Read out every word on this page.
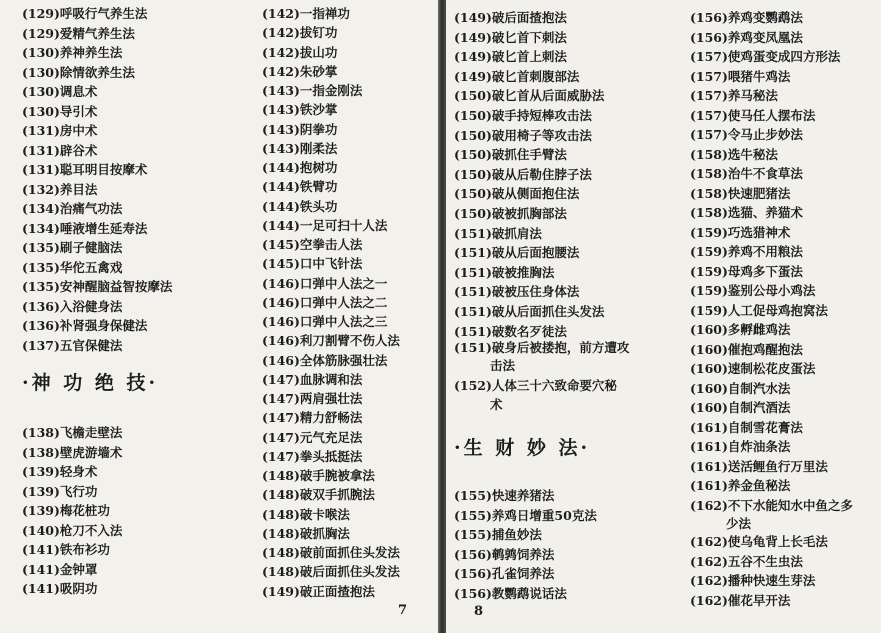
(129)呼吸行气养生法
(129)爱精气养生法
(130)养神养生法
(130)除情欲养生法
(130)调息术
(130)导引术
(131)房中术
(131)辟谷术
(131)聪耳明目按摩术
(132)养目法
(134)治痛气功法
(134)唾液增生延寿法
(135)刷子健脑法
(135)华佗五禽戏
(135)安神醒脑益智按摩法
(136)入浴健身法
(136)补肾强身保健法
(137)五官保健法
·神 功 绝 技·
(138)飞檐走壁法
(138)壁虎游墙术
(139)轻身术
(139)飞行功
(139)梅花桩功
(140)枪刀不入法
(141)铁布衫功
(141)金钟罩
(141)吸阴功
(142)一指禅功
(142)拔钉功
(142)拔山功
(142)朱砂掌
(143)一指金刚法
(143)铁沙掌
(143)阴拳功
(143)刚柔法
(144)抱树功
(144)铁臂功
(144)铁头功
(144)一足可扫十人法
(145)空拳击人法
(145)口中飞针法
(146)口弹中人法之一
(146)口弹中人法之二
(146)口弹中人法之三
(146)利刀割臂不伤人法
(146)全体筋脉强壮法
(147)血脉调和法
(147)两肩强壮法
(147)精力舒畅法
(147)元气充足法
(147)拳头抵挺法
(148)破手腕被拿法
(148)破双手抓腕法
(148)破卡喉法
(148)破抓胸法
(148)破前面抓住头发法
(148)破后面抓住头发法
(149)破正面揸抱法
7
(149)破后面揸抱法
(149)破匕首下刺法
(149)破匕首上刺法
(149)破匕首刺腹部法
(150)破匕首从后面威胁法
(150)破手持短棒攻击法
(150)破用椅子等攻击法
(150)破抓住手臂法
(150)破从后勒住脖子法
(150)破从侧面抱住法
(150)破被抓胸部法
(151)破抓肩法
(151)破从后面抱腰法
(151)破被推胸法
(151)破被压住身体法
(151)破从后面抓住头发法
(151)破数名歹徒法
(151)破身后被搂抱，前方遭攻
击法
(152)人体三十六致命要穴秘
术
·生 财 妙 法·
(155)快速养猪法
(155)养鸡日增重50克法
(155)捕鱼妙法
(156)鹌鹑饲养法
(156)孔雀饲养法
(156)教鹦鹉说话法
(156)养鸡变鹦鹉法
(156)养鸡变凤凰法
(157)使鸡蛋变成四方形法
(157)喂猪牛鸡法
(157)养马秘法
(157)使马任人摆布法
(157)令马止步妙法
(158)选牛秘法
(158)治牛不食草法
(158)快速肥猪法
(158)选猫、养猫术
(159)巧选猎神术
(159)养鸡不用粮法
(159)母鸡多下蛋法
(159)鉴别公母小鸡法
(159)人工促母鸡抱窝法
(160)多孵雌鸡法
(160)催抱鸡醒抱法
(160)速制松花皮蛋法
(160)自制汽水法
(160)自制汽酒法
(161)自制雪花膏法
(161)自炸油条法
(161)送活鲤鱼行万里法
(161)养金鱼秘法
(162)不下水能知水中鱼之多
少法
(162)使乌龟背上长毛法
(162)五谷不生虫法
(162)播种快速生芽法
(162)催花早开法
8
